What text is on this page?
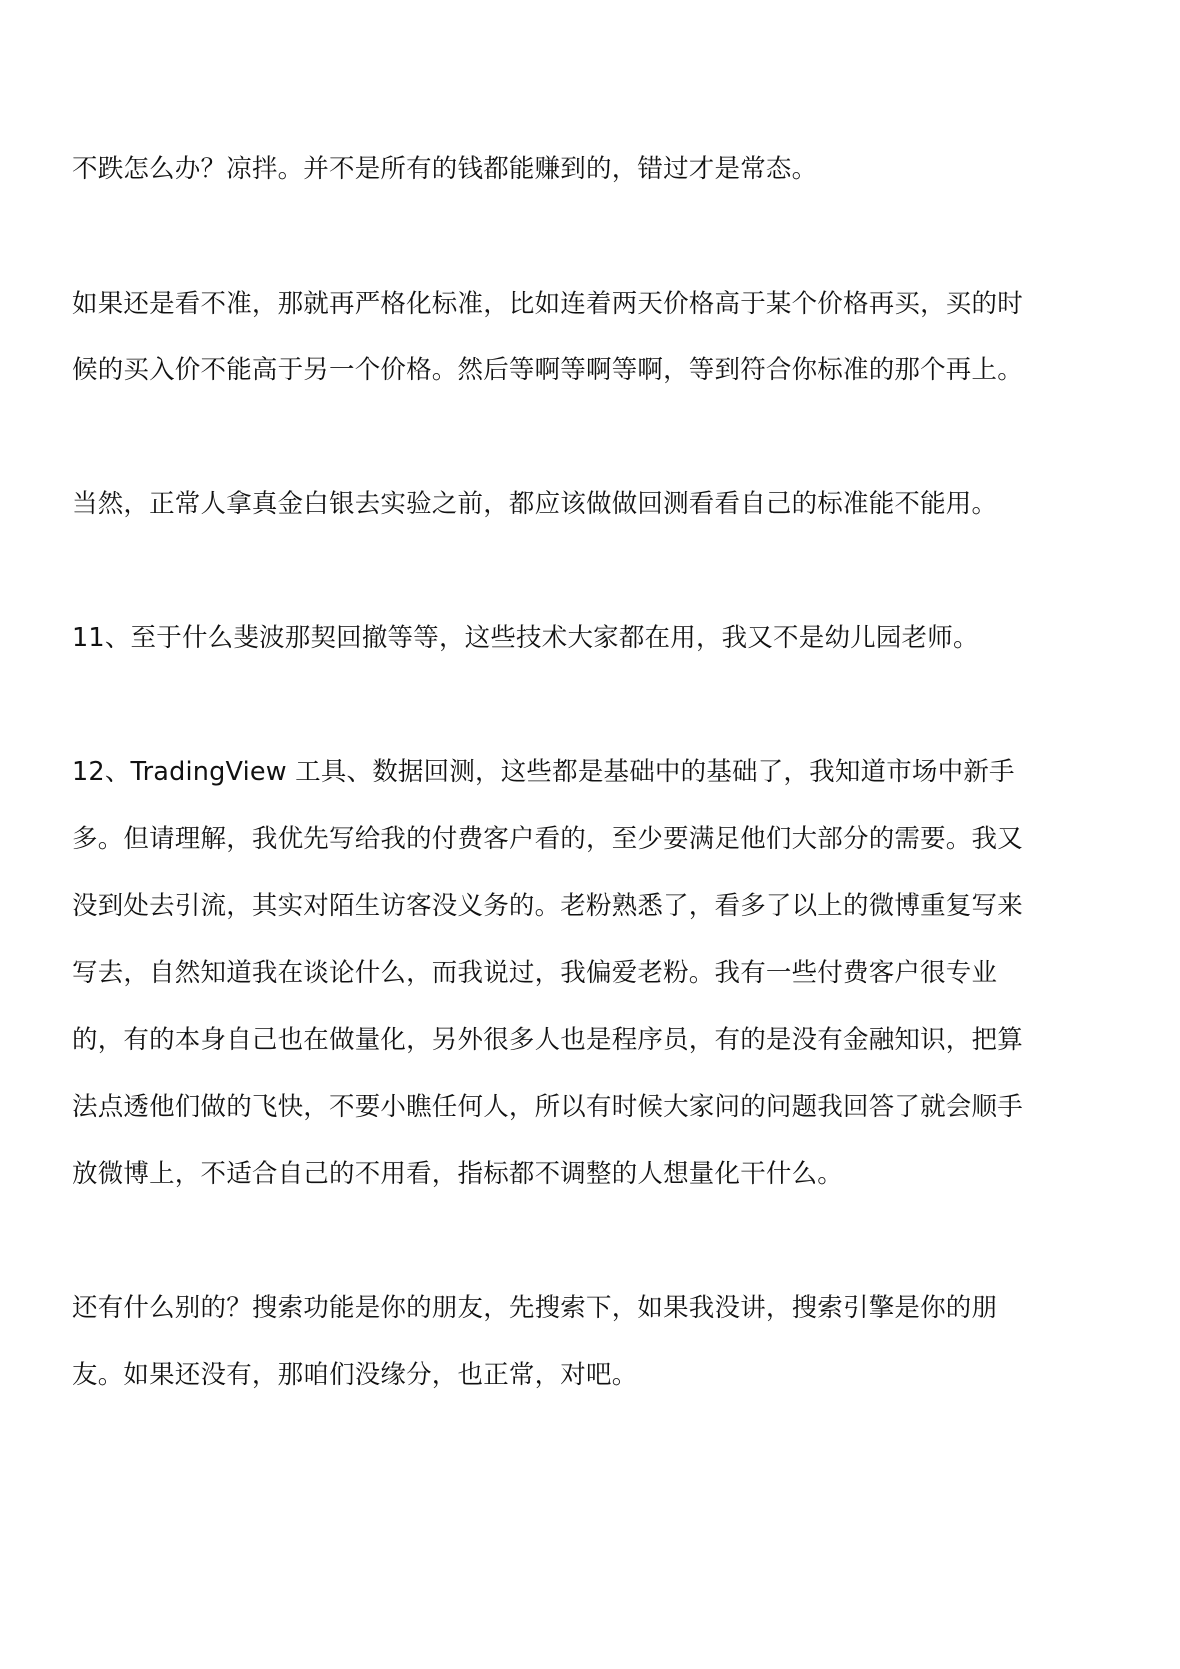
不跌怎么办？凉拌。并不是所有的钱都能赚到的，错过才是常态。
如果还是看不准，那就再严格化标准，比如连着两天价格高于某个价格再买，买的时
候的买入价不能高于另一个价格。然后等啊等啊等啊，等到符合你标准的那个再上。
当然，正常人拿真金白银去实验之前，都应该做做回测看看自己的标准能不能用。
11、至于什么斐波那契回撤等等，这些技术大家都在用，我又不是幼儿园老师。
12、TradingView 工具、数据回测，这些都是基础中的基础了，我知道市场中新手
多。但请理解，我优先写给我的付费客户看的，至少要满足他们大部分的需要。我又
没到处去引流，其实对陌生访客没义务的。老粉熟悉了，看多了以上的微博重复写来
写去，自然知道我在谈论什么，而我说过，我偏爱老粉。我有一些付费客户很专业
的，有的本身自己也在做量化，另外很多人也是程序员，有的是没有金融知识，把算
法点透他们做的飞快，不要小瞧任何人，所以有时候大家问的问题我回答了就会顺手
放微博上，不适合自己的不用看，指标都不调整的人想量化干什么。
还有什么别的？搜索功能是你的朋友，先搜索下，如果我没讲，搜索引擎是你的朋
友。如果还没有，那咱们没缘分，也正常，对吧。
